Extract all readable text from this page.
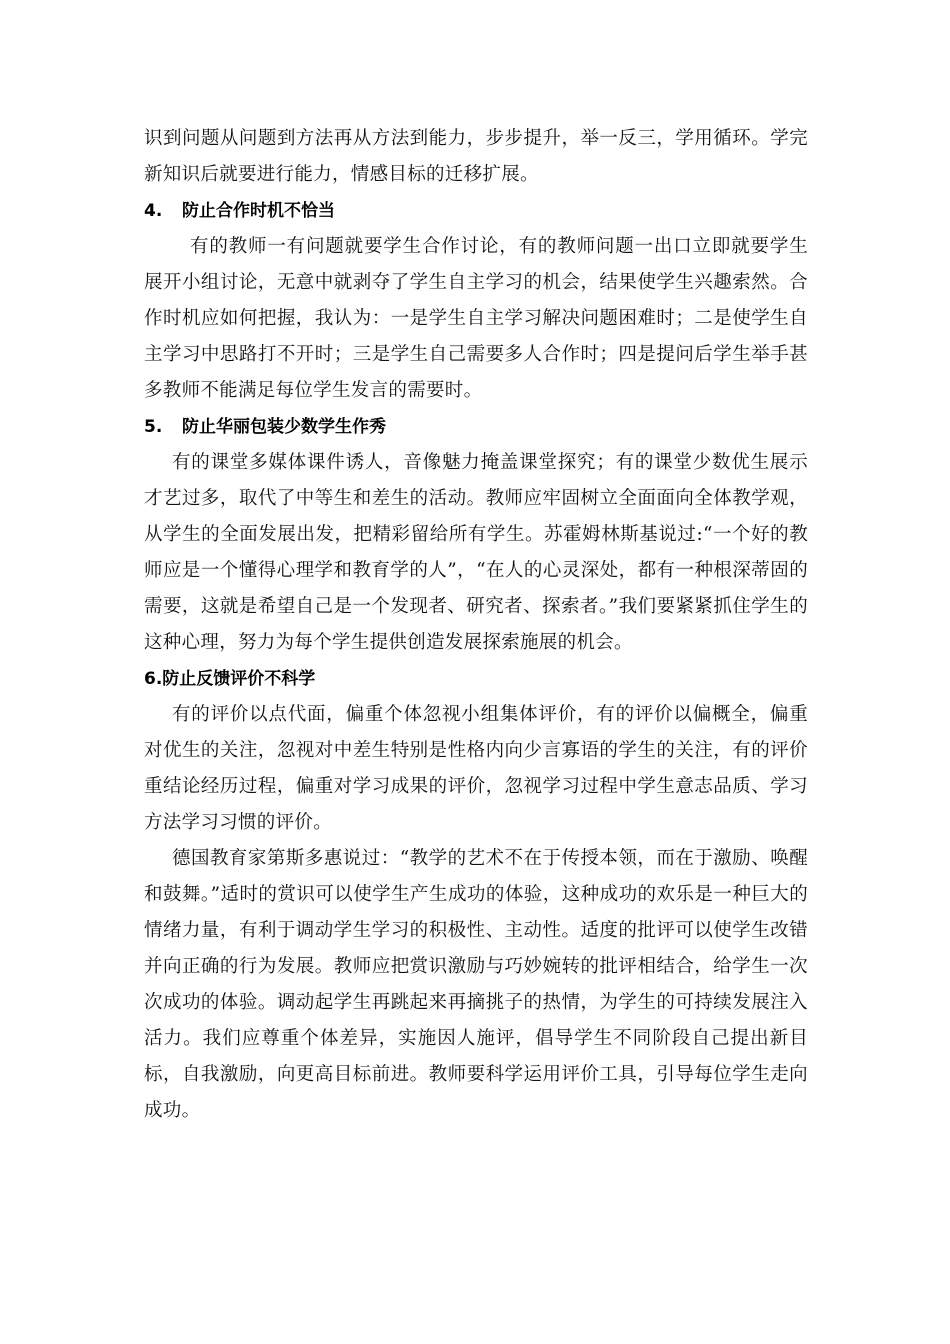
识到问题从问题到方法再从方法到能力，步步提升，举一反三，学用循环。学完新知识后就要进行能力，情感目标的迁移扩展。

4. 防止合作时机不恰当

有的教师一有问题就要学生合作讨论，有的教师问题一出口立即就要学生展开小组讨论，无意中就剥夺了学生自主学习的机会，结果使学生兴趣索然。合作时机应如何把握，我认为：一是学生自主学习解决问题困难时；二是使学生自主学习中思路打不开时；三是学生自己需要多人合作时；四是提问后学生举手甚多教师不能满足每位学生发言的需要时。

5. 防止华丽包装少数学生作秀

有的课堂多媒体课件诱人，音像魅力掩盖课堂探究；有的课堂少数优生展示才艺过多，取代了中等生和差生的活动。教师应牢固树立全面面向全体教学观，从学生的全面发展出发，把精彩留给所有学生。苏霍姆林斯基说过:“一个好的教师应是一个懂得心理学和教育学的人”，“在人的心灵深处，都有一种根深蒂固的需要，这就是希望自己是一个发现者、研究者、探索者。”我们要紧紧抓住学生的这种心理，努力为每个学生提供创造发展探索施展的机会。

6.防止反馈评价不科学

有的评价以点代面，偏重个体忽视小组集体评价，有的评价以偏概全，偏重对优生的关注，忽视对中差生特别是性格内向少言寡语的学生的关注，有的评价重结论经历过程，偏重对学习成果的评价，忽视学习过程中学生意志品质、学习方法学习习惯的评价。

德国教育家第斯多惠说过：“教学的艺术不在于传授本领，而在于激励、唤醒和鼓舞。”适时的赏识可以使学生产生成功的体验，这种成功的欢乐是一种巨大的情绪力量，有利于调动学生学习的积极性、主动性。适度的批评可以使学生改错并向正确的行为发展。教师应把赏识激励与巧妙婉转的批评相结合，给学生一次次成功的体验。调动起学生再跳起来再摘挑子的热情，为学生的可持续发展注入活力。我们应尊重个体差异，实施因人施评，倡导学生不同阶段自己提出新目标，自我激励，向更高目标前进。教师要科学运用评价工具，引导每位学生走向成功。
